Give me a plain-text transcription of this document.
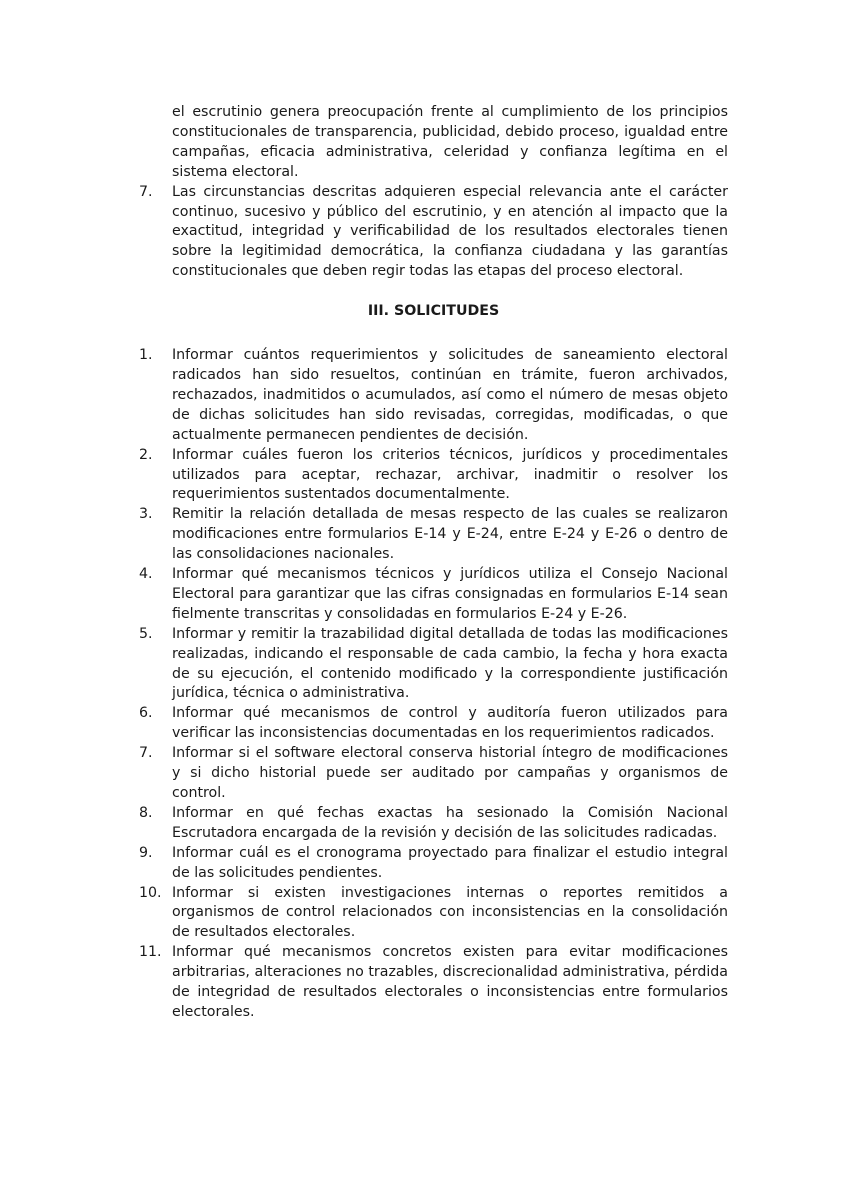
el escrutinio genera preocupación frente al cumplimiento de los principios constitucionales de transparencia, publicidad, debido proceso, igualdad entre campañas, eficacia administrativa, celeridad y confianza legítima en el sistema electoral.

7.	Las circunstancias descritas adquieren especial relevancia ante el carácter continuo, sucesivo y público del escrutinio, y en atención al impacto que la exactitud, integridad y verificabilidad de los resultados electorales tienen sobre la legitimidad democrática, la confianza ciudadana y las garantías constitucionales que deben regir todas las etapas del proceso electoral.
III. SOLICITUDES
1.	Informar cuántos requerimientos y solicitudes de saneamiento electoral radicados han sido resueltos, continúan en trámite, fueron archivados, rechazados, inadmitidos o acumulados, así como el número de mesas objeto de dichas solicitudes han sido revisadas, corregidas, modificadas, o que actualmente permanecen pendientes de decisión.
2.	Informar cuáles fueron los criterios técnicos, jurídicos y procedimentales utilizados para aceptar, rechazar, archivar, inadmitir o resolver los requerimientos sustentados documentalmente.
3.	Remitir la relación detallada de mesas respecto de las cuales se realizaron modificaciones entre formularios E-14 y E-24, entre E-24 y E-26 o dentro de las consolidaciones nacionales.
4.	Informar qué mecanismos técnicos y jurídicos utiliza el Consejo Nacional Electoral para garantizar que las cifras consignadas en formularios E-14 sean fielmente transcritas y consolidadas en formularios E-24 y E-26.
5.	Informar y remitir la trazabilidad digital detallada de todas las modificaciones realizadas, indicando el responsable de cada cambio, la fecha y hora exacta de su ejecución, el contenido modificado y la correspondiente justificación jurídica, técnica o administrativa.
6.	Informar qué mecanismos de control y auditoría fueron utilizados para verificar las inconsistencias documentadas en los requerimientos radicados.
7.	Informar si el software electoral conserva historial íntegro de modificaciones y si dicho historial puede ser auditado por campañas y organismos de control.
8.	Informar en qué fechas exactas ha sesionado la Comisión Nacional Escrutadora encargada de la revisión y decisión de las solicitudes radicadas.
9.	Informar cuál es el cronograma proyectado para finalizar el estudio integral de las solicitudes pendientes.
10. Informar si existen investigaciones internas o reportes remitidos a organismos de control relacionados con inconsistencias en la consolidación de resultados electorales.
11. Informar qué mecanismos concretos existen para evitar modificaciones arbitrarias, alteraciones no trazables, discrecionalidad administrativa, pérdida de integridad de resultados electorales o inconsistencias entre formularios electorales.
